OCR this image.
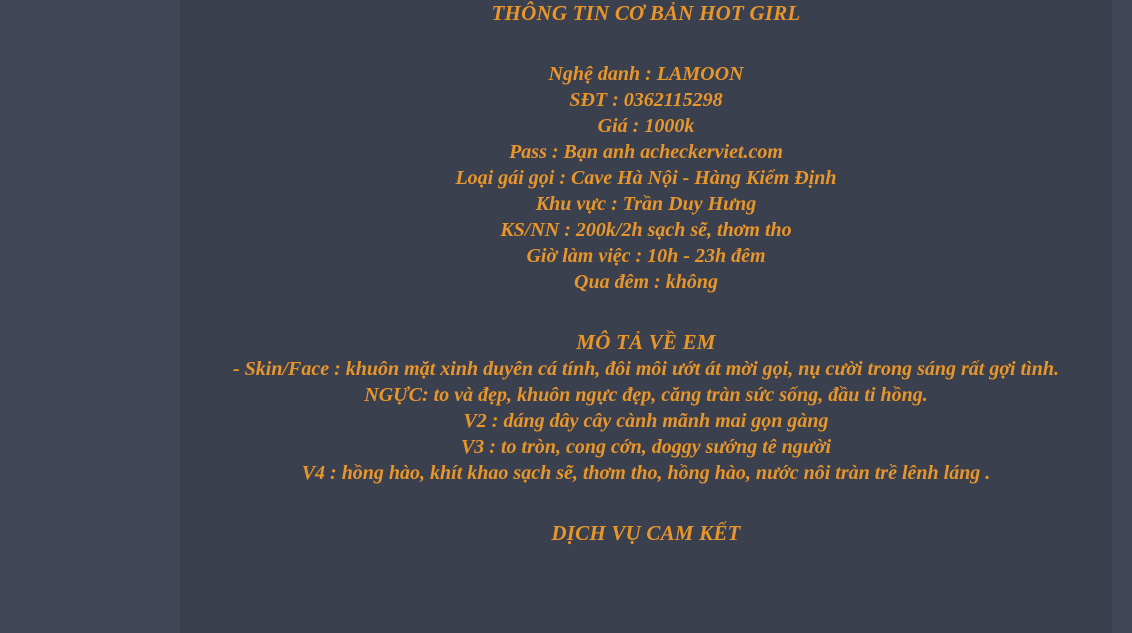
THÔNG TIN CƠ BẢN HOT GIRL
Nghệ danh : LAMOON
SĐT : 0362115298
Giá : 1000k
Pass : Bạn anh acheckerviet.com
Loại gái gọi : Cave Hà Nội - Hàng Kiểm Định
Khu vực : Trần Duy Hưng
KS/NN : 200k/2h sạch sẽ, thơm tho
Giờ làm việc : 10h - 23h đêm
Qua đêm : không
MÔ TẢ VỀ EM
- Skin/Face : khuôn mặt xinh duyên cá tính, đôi môi ướt át mời gọi, nụ cười trong sáng rất gợi tình.
NGỰC: to và đẹp, khuôn ngực đẹp, căng tràn sức sống, đầu ti hồng.
V2 : dáng dây cây cành mãnh mai gọn gàng
V3 : to tròn, cong cớn, doggy sướng tê người
V4 : hồng hào, khít khao sạch sẽ, thơm tho, hồng hào, nước nôi tràn trề lênh láng .
DỊCH VỤ CAM KẾT
